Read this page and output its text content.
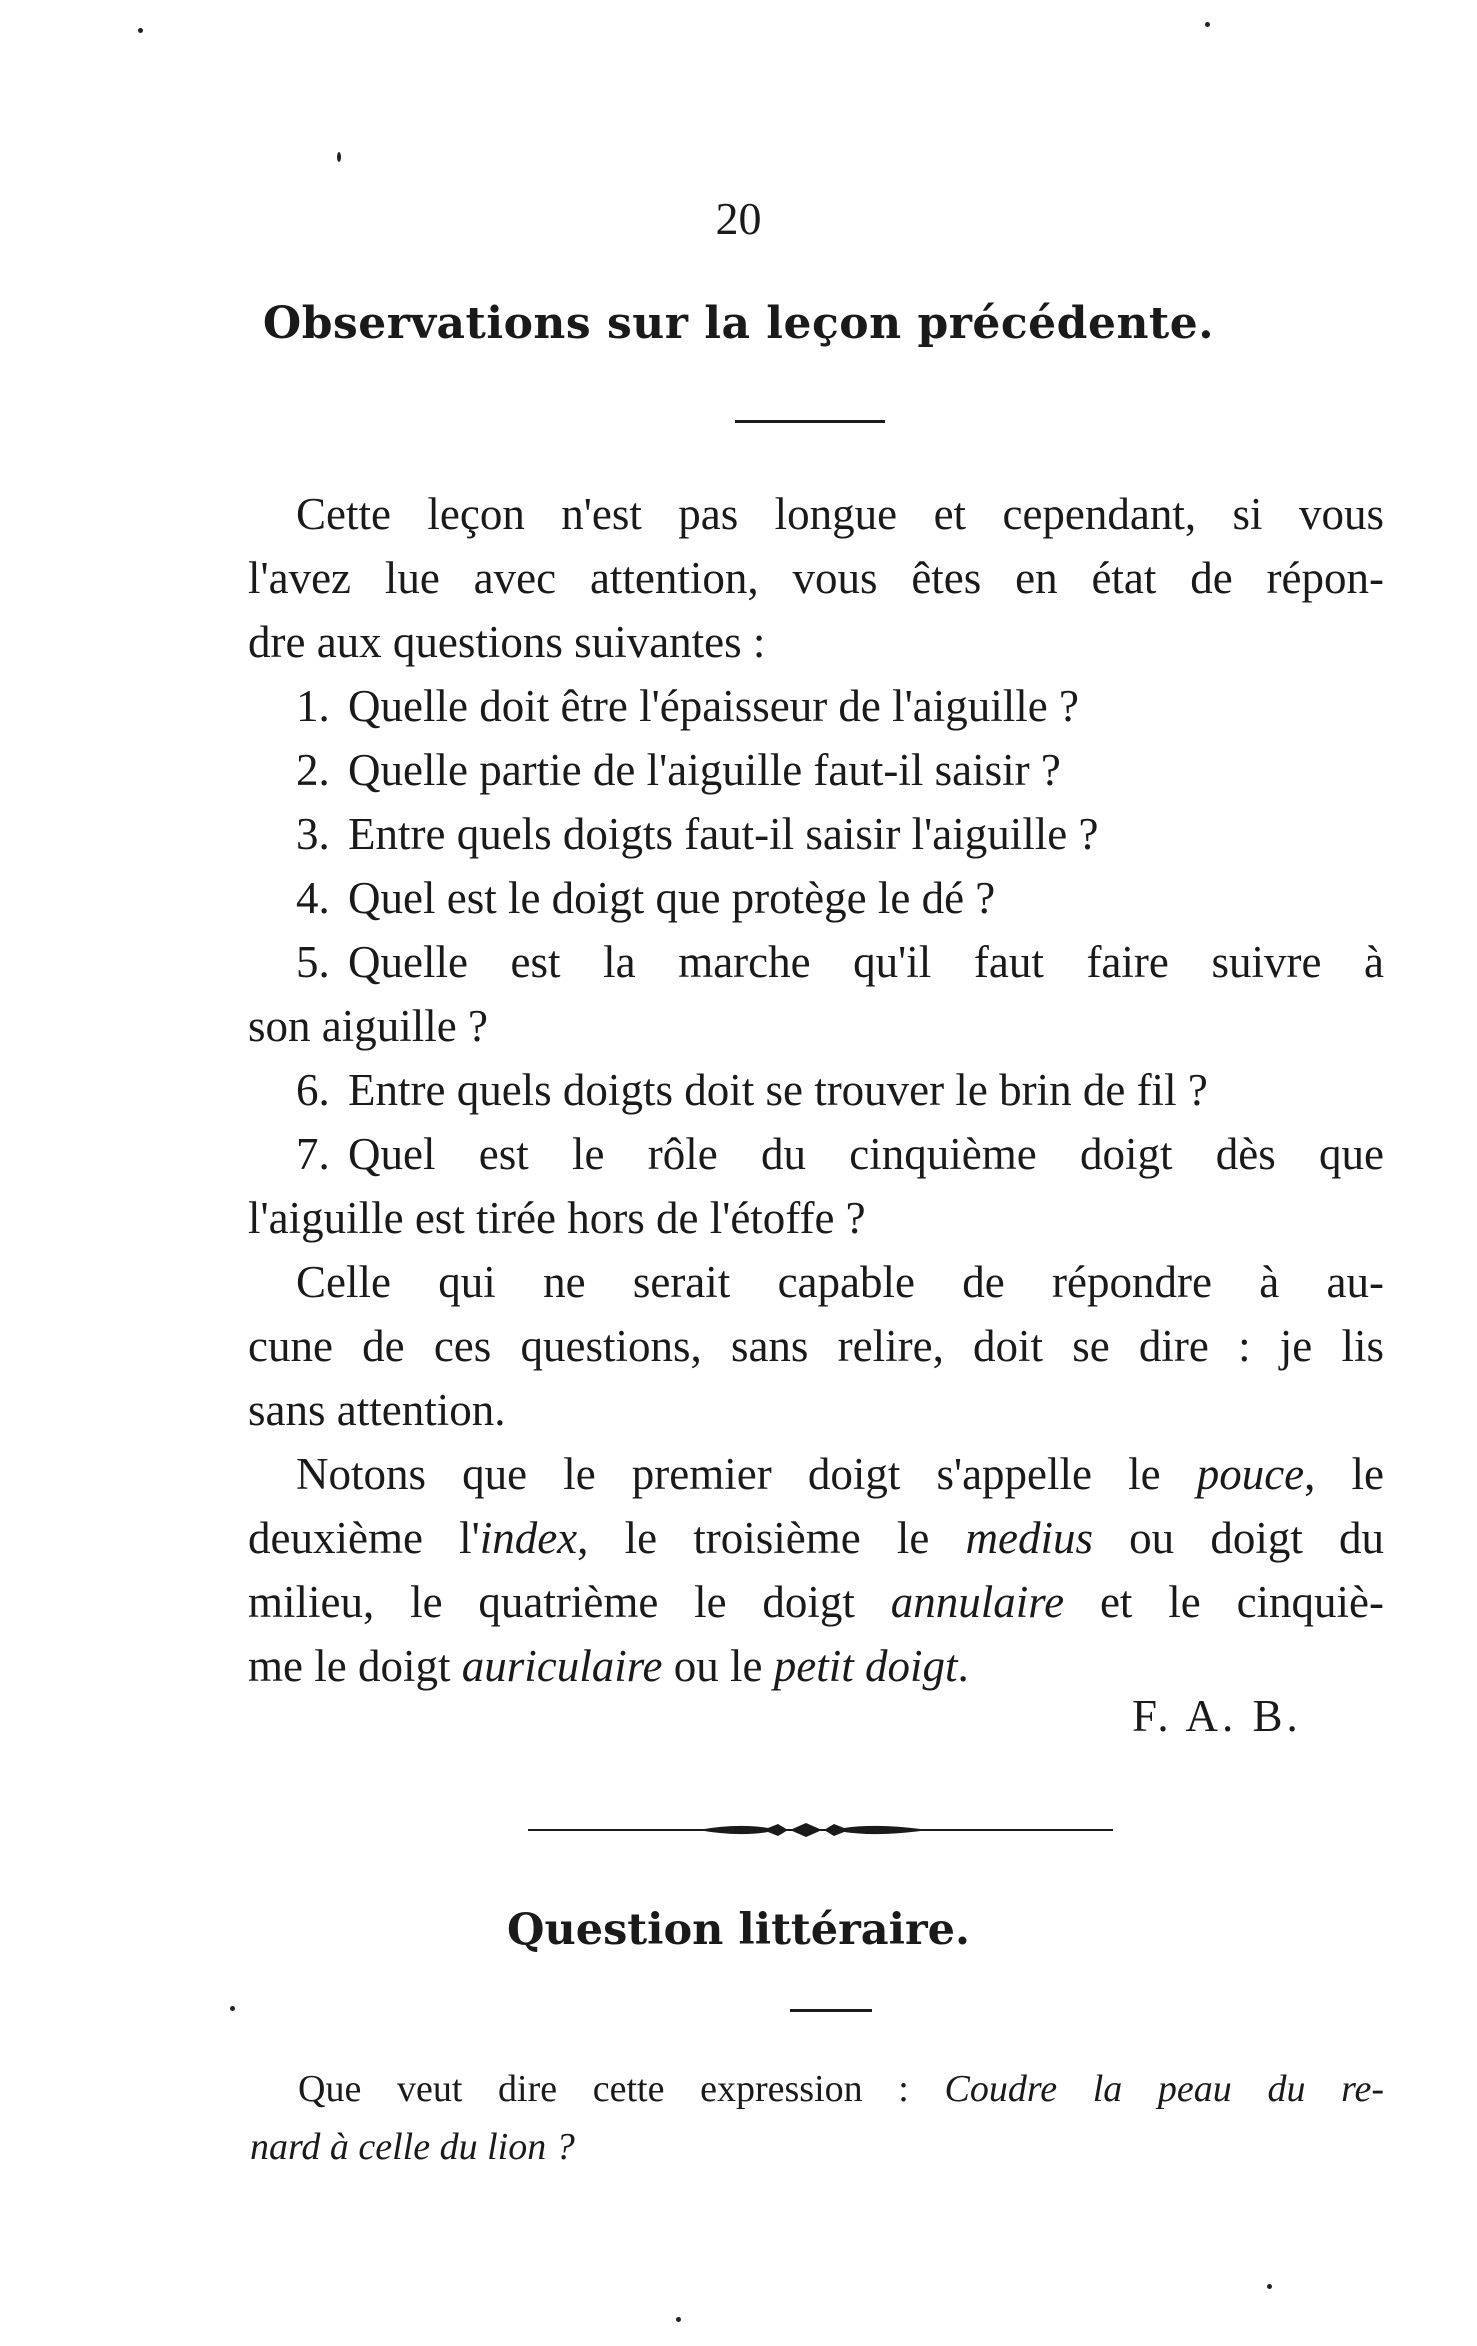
20
Observations sur la leçon précédente.
Cette leçon n'est pas longue et cependant, si vous
l'avez lue avec attention, vous êtes en état de répon-
dre aux questions suivantes :
1. Quelle doit être l'épaisseur de l'aiguille ?
2. Quelle partie de l'aiguille faut-il saisir ?
3. Entre quels doigts faut-il saisir l'aiguille ?
4. Quel est le doigt que protège le dé ?
5. Quelle est la marche qu'il faut faire suivre à
son aiguille ?
6. Entre quels doigts doit se trouver le brin de fil ?
7. Quel est le rôle du cinquième doigt dès que
l'aiguille est tirée hors de l'étoffe ?
Celle qui ne serait capable de répondre à au-
cune de ces questions, sans relire, doit se dire : je lis
sans attention.
Notons que le premier doigt s'appelle le pouce, le
deuxième l'index, le troisième le medius ou doigt du
milieu, le quatrième le doigt annulaire et le cinquiè-
me le doigt auriculaire ou le petit doigt.
F. A. B.
Question littéraire.
Que veut dire cette expression : Coudre la peau du re-
nard à celle du lion ?
